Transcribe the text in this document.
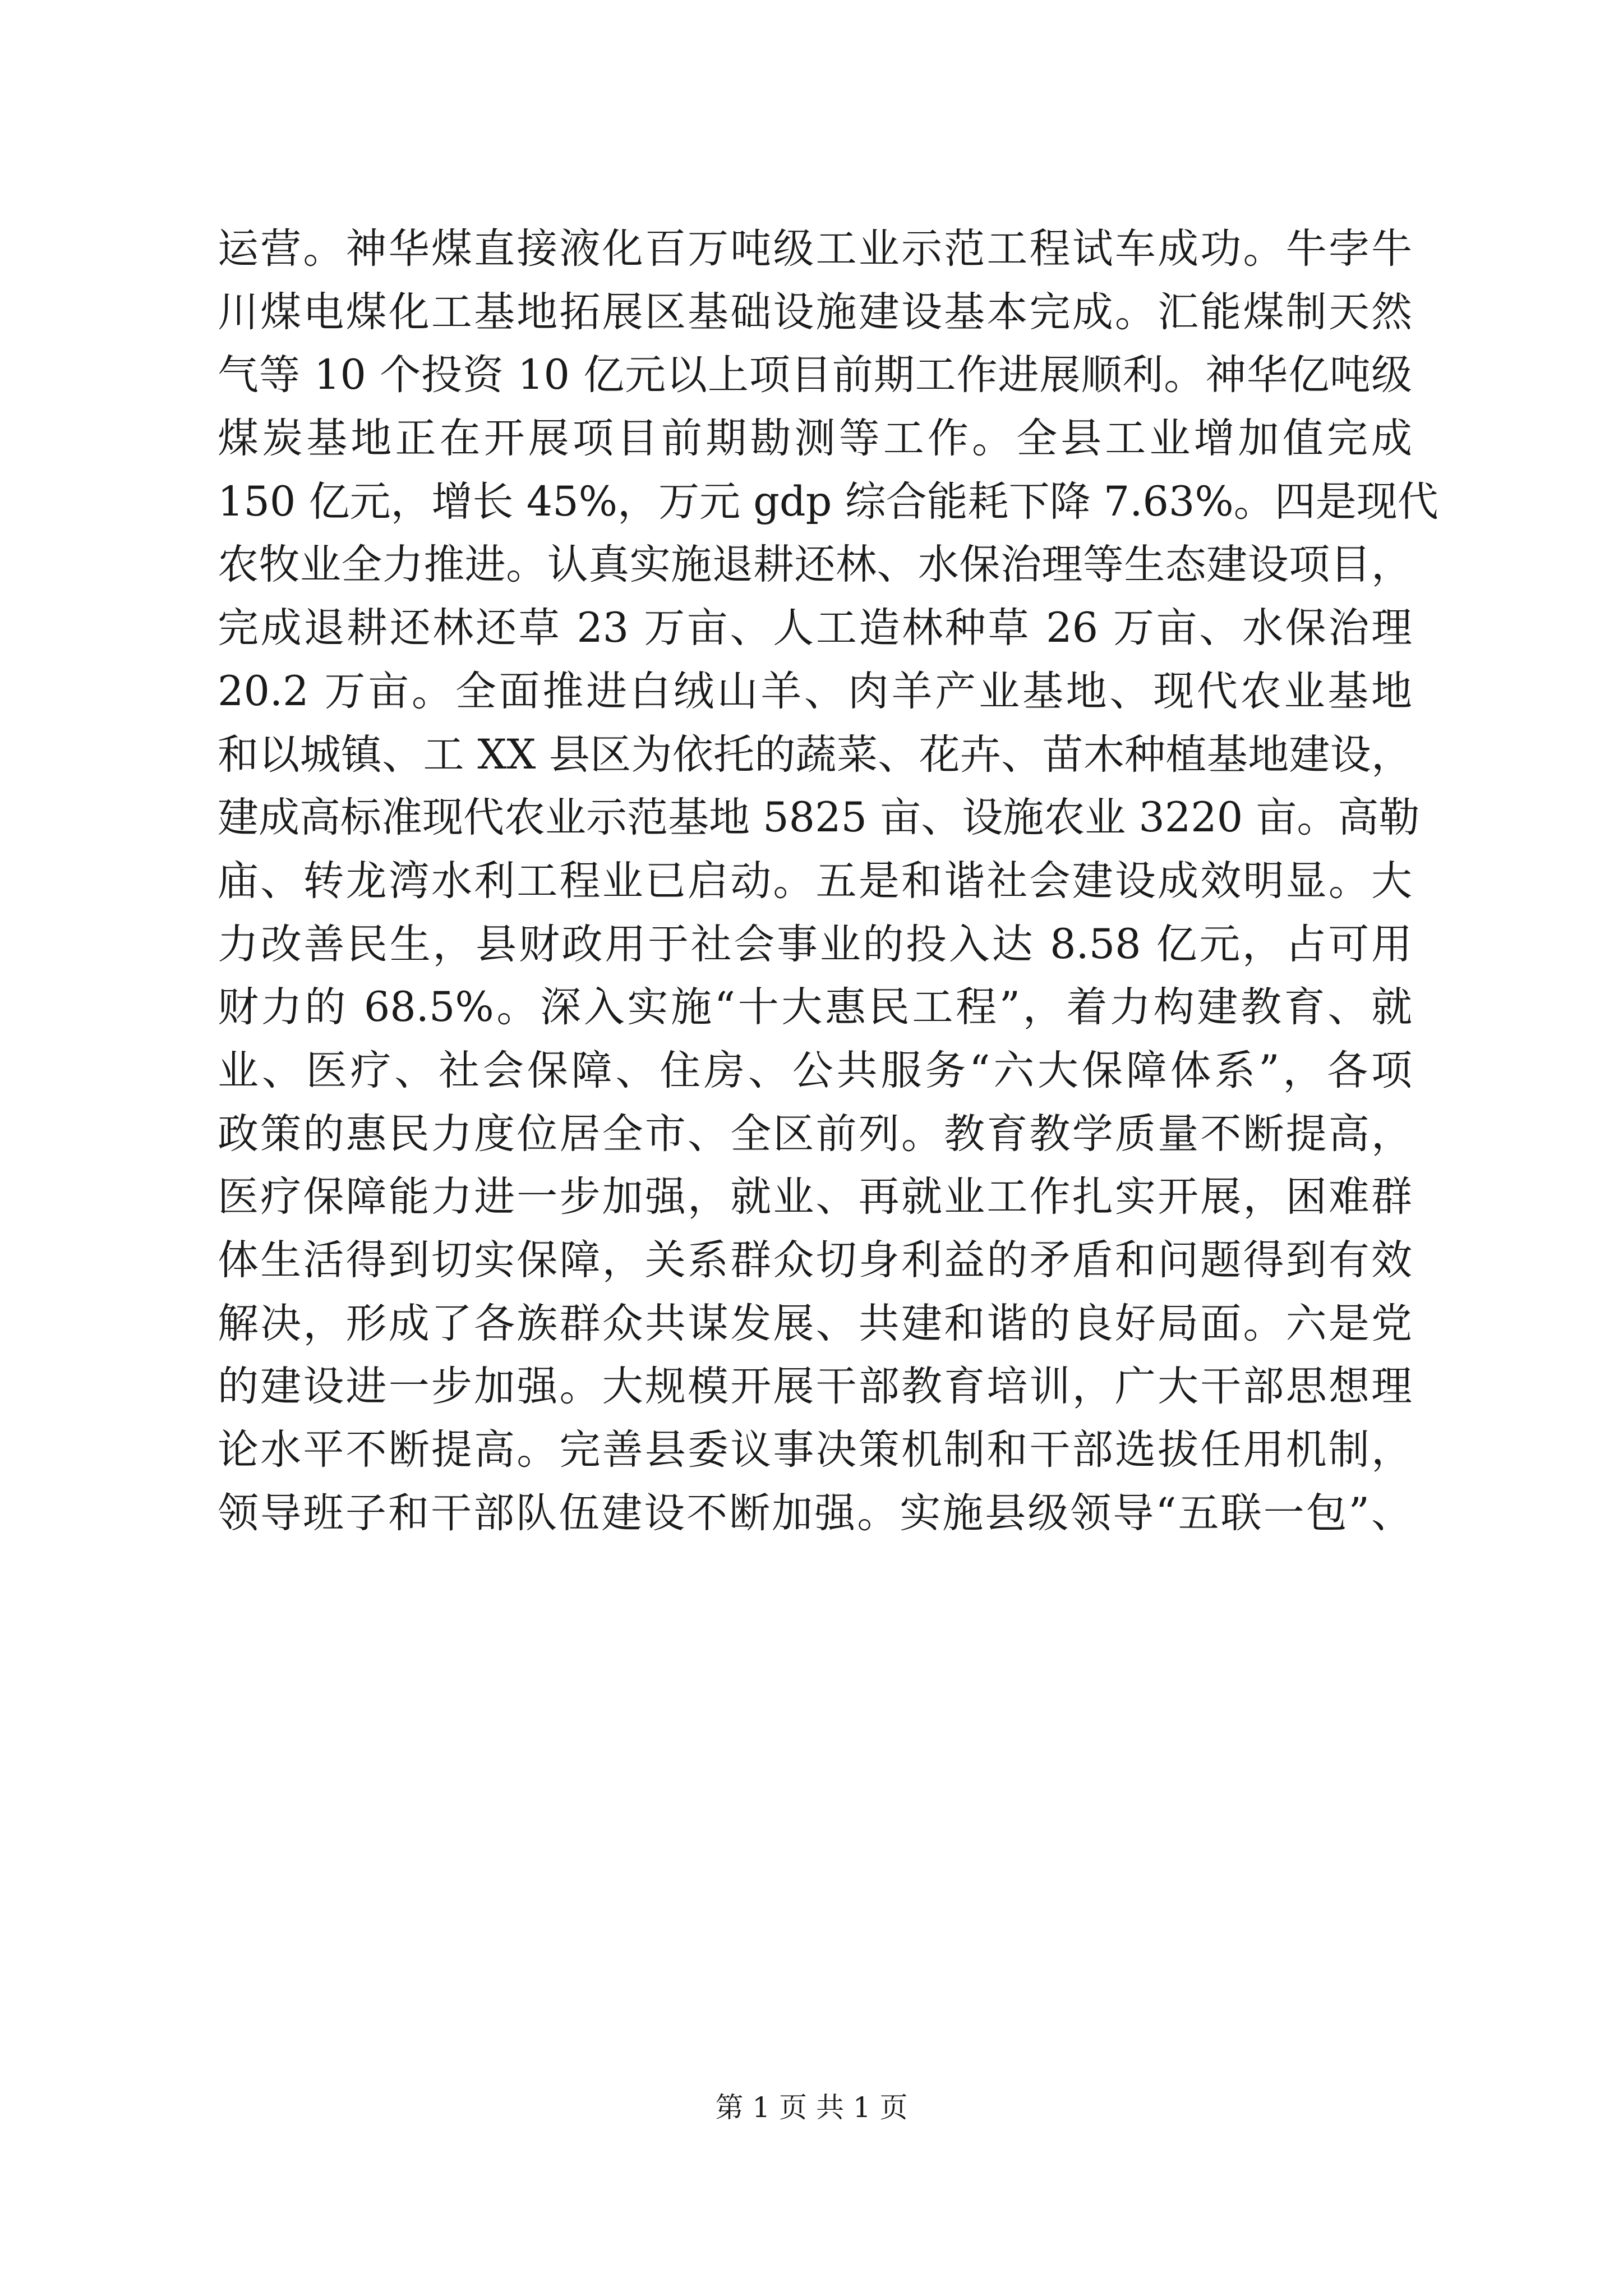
运营。神华煤直接液化百万吨级工业示范工程试车成功。牛孛牛
川煤电煤化工基地拓展区基础设施建设基本完成。汇能煤制天然
气等 10 个投资 10 亿元以上项目前期工作进展顺利。神华亿吨级
煤炭基地正在开展项目前期勘测等工作。全县工业增加值完成
150 亿元，增长 45%，万元 gdp 综合能耗下降 7.63%。四是现代
农牧业全力推进。认真实施退耕还林、水保治理等生态建设项目，
完成退耕还林还草 23 万亩、人工造林种草 26 万亩、水保治理
20.2 万亩。全面推进白绒山羊、肉羊产业基地、现代农业基地
和以城镇、工 XX 县区为依托的蔬菜、花卉、苗木种植基地建设，
建成高标准现代农业示范基地 5825 亩、设施农业 3220 亩。高勒
庙、转龙湾水利工程业已启动。五是和谐社会建设成效明显。大
力改善民生，县财政用于社会事业的投入达 8.58 亿元，占可用
财力的 68.5%。深入实施“十大惠民工程”，着力构建教育、就
业、医疗、社会保障、住房、公共服务“六大保障体系”，各项
政策的惠民力度位居全市、全区前列。教育教学质量不断提高，
医疗保障能力进一步加强，就业、再就业工作扎实开展，困难群
体生活得到切实保障，关系群众切身利益的矛盾和问题得到有效
解决，形成了各族群众共谋发展、共建和谐的良好局面。六是党
的建设进一步加强。大规模开展干部教育培训，广大干部思想理
论水平不断提高。完善县委议事决策机制和干部选拔任用机制，
领导班子和干部队伍建设不断加强。实施县级领导“五联一包”、
第 1 页 共 1 页
